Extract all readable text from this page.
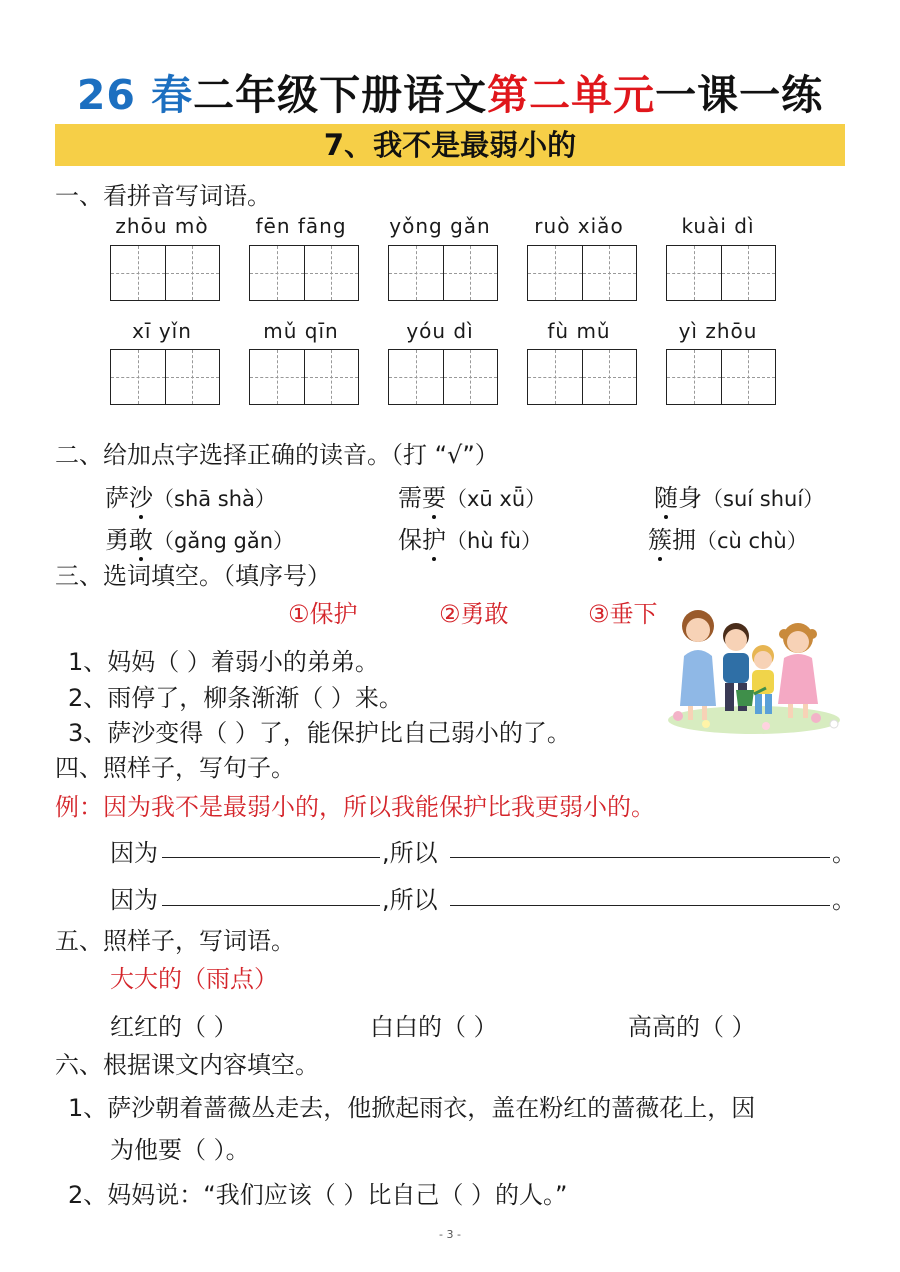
26 春二年级下册语文第二单元一课一练
7、我不是最弱小的
一、看拼音写词语。
zhōu mò	fēn fāng	yǒng gǎn	ruò xiǎo	kuài dì
xī yǐn	mǔ qīn	yóu dì	fù mǔ	yì zhōu
二、给加点字选择正确的读音。（打 “√”）
萨沙（shā shà）	需要（xū xǖ）	随身（suí shuí）
勇敢（gǎng gǎn）	保护（hù fù）	簇拥（cù chù）
三、选词填空。（填序号）
①保护	②勇敢	③垂下
1、妈妈（ ）着弱小的弟弟。
2、雨停了，柳条渐渐（ ）来。
3、萨沙变得（ ）了，能保护比自己弱小的了。
四、照样子，写句子。
例：因为我不是最弱小的，所以我能保护比我更弱小的。
因为	,所以	。
因为	,所以	。
五、照样子，写词语。
大大的（雨点）
红红的（ ）	白白的（ ）	高高的（ ）
六、根据课文内容填空。
1、萨沙朝着蔷薇丛走去，他掀起雨衣，盖在粉红的蔷薇花上，因
为他要（ ）。
2、妈妈说：“我们应该（ ）比自己（ ）的人。”
- 3 -
